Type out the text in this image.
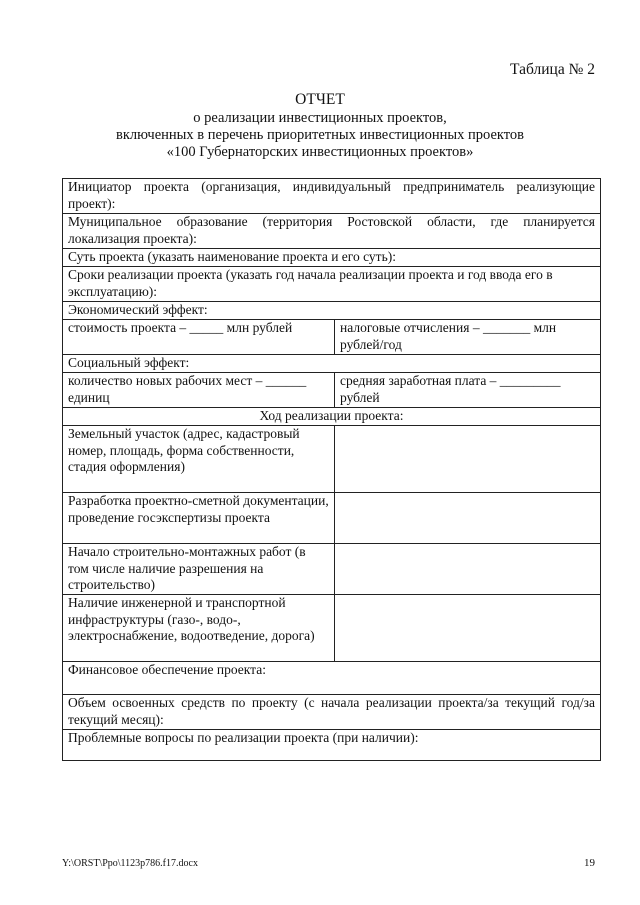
Таблица № 2
ОТЧЕТ
о реализации инвестиционных проектов,
включенных в перечень приоритетных инвестиционных проектов
«100 Губернаторских инвестиционных проектов»
Инициатор проекта (организация, индивидуальный предприниматель реализующие проект):	
Муниципальное образование (территория Ростовской области, где планируется локализация проекта):	
Суть проекта (указать наименование проекта и его суть):	
Сроки реализации проекта (указать год начала реализации проекта и год ввода его в эксплуатацию):	
Экономический эффект:	
стоимость проекта – _____ млн рублей	налоговые отчисления – _______ млн рублей/год
Социальный эффект:	
количество новых рабочих мест – ______ единиц	средняя заработная плата – _________ рублей
Ход реализации проекта:	
Земельный участок (адрес, кадастровый номер, площадь, форма собственности, стадия оформления)	
Разработка проектно-сметной документации, проведение госэкспертизы проекта	
Начало строительно-монтажных работ (в том числе наличие разрешения на строительство)	
Наличие инженерной и транспортной инфраструктуры (газо-, водо-, электроснабжение, водоотведение, дорога)	
Финансовое обеспечение проекта:	
Объем освоенных средств по проекту (с начала реализации проекта/за текущий год/за текущий месяц):	
Проблемные вопросы по реализации проекта (при наличии):	
Y:\ORST\Ppo\1123p786.f17.docx	19
